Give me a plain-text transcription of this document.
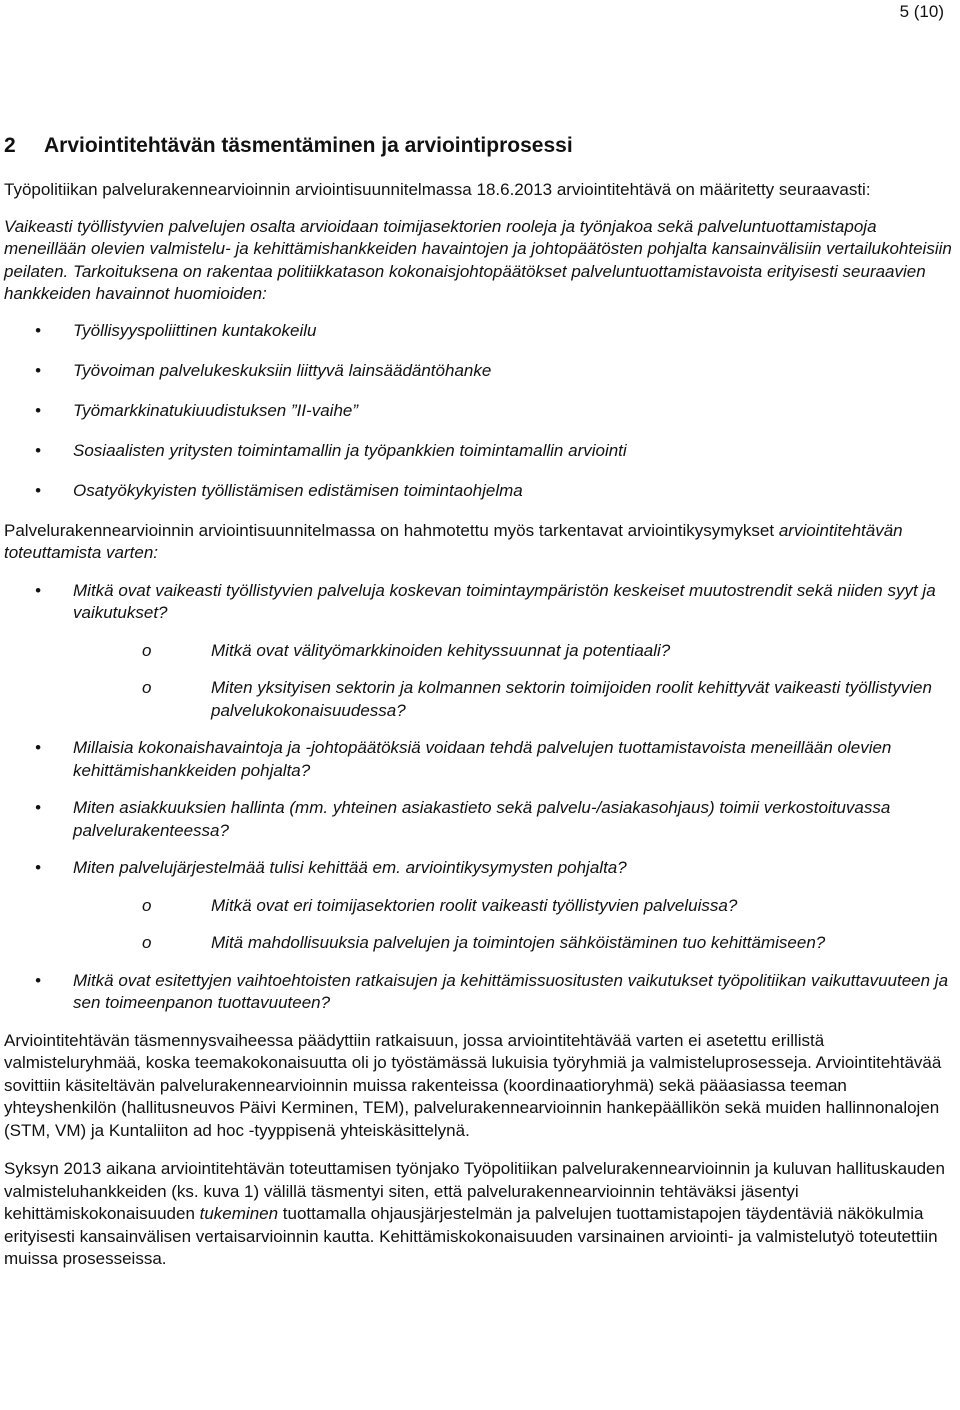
5 (10)
2	Arviointitehtävän täsmentäminen ja arviointiprosessi

Työpolitiikan palvelurakennearvioinnin arviointisuunnitelmassa 18.6.2013 arviointitehtävä on määritetty seuraavasti:

Vaikeasti työllistyvien palvelujen osalta arvioidaan toimijasektorien rooleja ja työnjakoa sekä palveluntuottamistapoja meneillään olevien valmistelu- ja kehittämishankkeiden havaintojen ja johtopäätösten pohjalta kansainvälisiin vertailukohteisiin peilaten. Tarkoituksena on rakentaa politiikkatason kokonaisjohtopäätökset palveluntuottamistavoista erityisesti seuraavien hankkeiden havainnot huomioiden:

•	Työllisyyspoliittinen kuntakokeilu
•	Työvoiman palvelukeskuksiin liittyvä lainsäädäntöhanke
•	Työmarkkinatukiuudistuksen ”II-vaihe”
•	Sosiaalisten yritysten toimintamallin ja työpankkien toimintamallin arviointi
•	Osatyökykyisten työllistämisen edistämisen toimintaohjelma

Palvelurakennearvioinnin arviointisuunnitelmassa on hahmotettu myös tarkentavat arviointikysymykset arviointitehtävän toteuttamista varten:

•	Mitkä ovat vaikeasti työllistyvien palveluja koskevan toimintaympäristön keskeiset muutostrendit sekä niiden syyt ja vaikutukset?
o	Mitkä ovat välityömarkkinoiden kehityssuunnat ja potentiaali?
o	Miten yksityisen sektorin ja kolmannen sektorin toimijoiden roolit kehittyvät vaikeasti työllistyvien palvelukokonaisuudessa?
•	Millaisia kokonaishavaintoja ja -johtopäätöksiä voidaan tehdä palvelujen tuottamistavoista meneillään olevien kehittämishankkeiden pohjalta?
•	Miten asiakkuuksien hallinta (mm. yhteinen asiakastieto sekä palvelu-/asiakasohjaus) toimii verkostoituvassa palvelurakenteessa?
•	Miten palvelujärjestelmää tulisi kehittää em. arviointikysymysten pohjalta?
o	Mitkä ovat eri toimijasektorien roolit vaikeasti työllistyvien palveluissa?
o	Mitä mahdollisuuksia palvelujen ja toimintojen sähköistäminen tuo kehittämiseen?
•	Mitkä ovat esitettyjen vaihtoehtoisten ratkaisujen ja kehittämissuositusten vaikutukset työpolitiikan vaikuttavuuteen ja sen toimeenpanon tuottavuuteen?

Arviointitehtävän täsmennysvaiheessa päädyttiin ratkaisuun, jossa arviointitehtävää varten ei asetettu erillistä valmisteluryhmää, koska teemakokonaisuutta oli jo työstämässä lukuisia työryhmiä ja valmisteluprosesseja. Arviointitehtävää sovittiin käsiteltävän palvelurakennearvioinnin muissa rakenteissa (koordinaatioryhmä) sekä pääasiassa teeman yhteyshenkilön (hallitusneuvos Päivi Kerminen, TEM), palvelurakennearvioinnin hankepäällikön sekä muiden hallinnonalojen (STM, VM) ja Kuntaliiton ad hoc -tyyppisenä yhteiskäsittelynä.

Syksyn 2013 aikana arviointitehtävän toteuttamisen työnjako Työpolitiikan palvelurakennearvioinnin ja kuluvan hallituskauden valmisteluhankkeiden (ks. kuva 1) välillä täsmentyi siten, että palvelurakennearvioinnin tehtäväksi jäsentyi kehittämiskokonaisuuden tukeminen tuottamalla ohjausjärjestelmän ja palvelujen tuottamistapojen täydentäviä näkökulmia erityisesti kansainvälisen vertaisarvioinnin kautta. Kehittämiskokonaisuuden varsinainen arviointi- ja valmistelutyö toteutettiin muissa prosesseissa.
